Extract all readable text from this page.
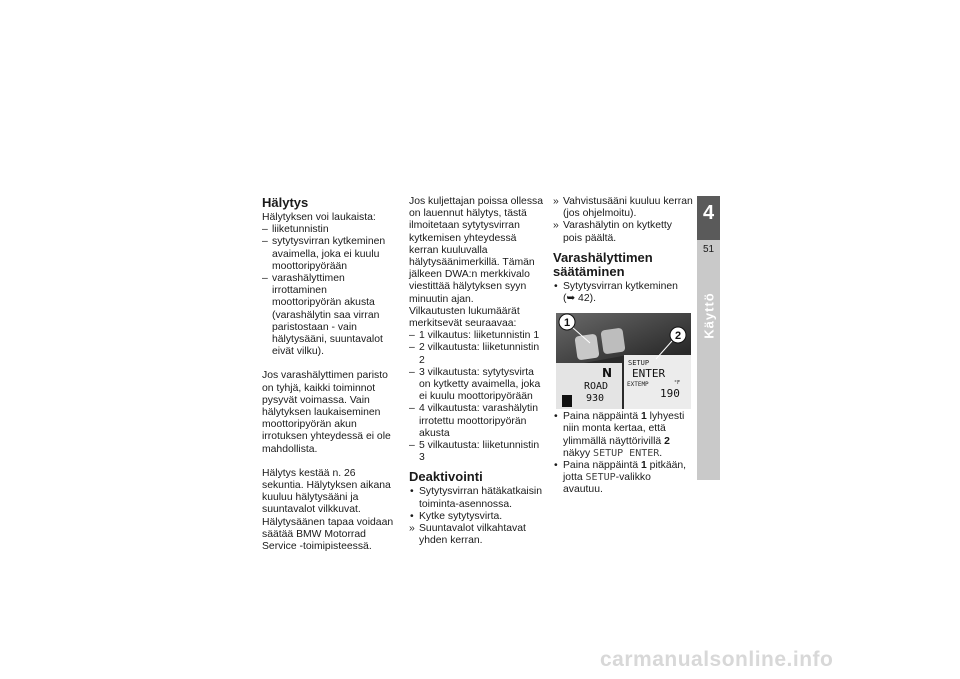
Hälytys

Hälytyksen voi laukaista:

– liiketunnistin
– sytytysvirran kytkeminen avaimella, joka ei kuulu moottoripyörään
– varashälyttimen irrottaminen moottoripyörän akusta (varashälytin saa virran paristostaan - vain hälytysääni, suuntavalot eivät vilku).

Jos varashälyttimen paristo on tyhjä, kaikki toiminnot pysyvät voimassa. Vain hälytyksen laukaiseminen moottoripyörän akun irrotuksen yhteydessä ei ole mahdollista.

Hälytys kestää n. 26 sekuntia. Hälytyksen aikana kuuluu hälytysääni ja suuntavalot vilkkuvat. Hälytysäänen tapaa voidaan säätää BMW Motorrad Service -toimipisteessä.

Jos kuljettajan poissa ollessa on lauennut hälytys, tästä ilmoitetaan sytytysvirran kytkemisen yhteydessä kerran kuuluvalla hälytysäänimerkillä. Tämän jälkeen DWA:n merkkivalo viestittää hälytyksen syyn minuutin ajan.

Vilkautusten lukumäärät merkitsevät seuraavaa:

– 1 vilkautus: liiketunnistin 1
– 2 vilkautusta: liiketunnistin 2
– 3 vilkautusta: sytytysvirta on kytketty avaimella, joka ei kuulu moottoripyörään
– 4 vilkautusta: varashälytin irrotettu moottoripyörän akusta
– 5 vilkautusta: liiketunnistin 3
Deaktivointi
• Sytytysvirran hätäkatkaisin toiminta-asennossa.
• Kytke sytytysvirta.
» Suuntavalot vilkahtavat yhden kerran.
» Vahvistusääni kuuluu kerran (jos ohjelmoitu).
» Varashälytin on kytketty pois päältä.
Varashälyttimen säätäminen
• Sytytysvirran kytkeminen
(➥ 42).
• Paina näppäintä 1 lyhyesti niin monta kertaa, että ylimmällä näyttörivillä 2 näkyy SETUP ENTER.
• Paina näppäintä 1 pitkään, jotta SETUP-valikko avautuu.
SETUP
ENTER
EXTEMP	°F
190
N
ROAD
930
1
2
4
51
Käyttö
carmanualsonline.info
